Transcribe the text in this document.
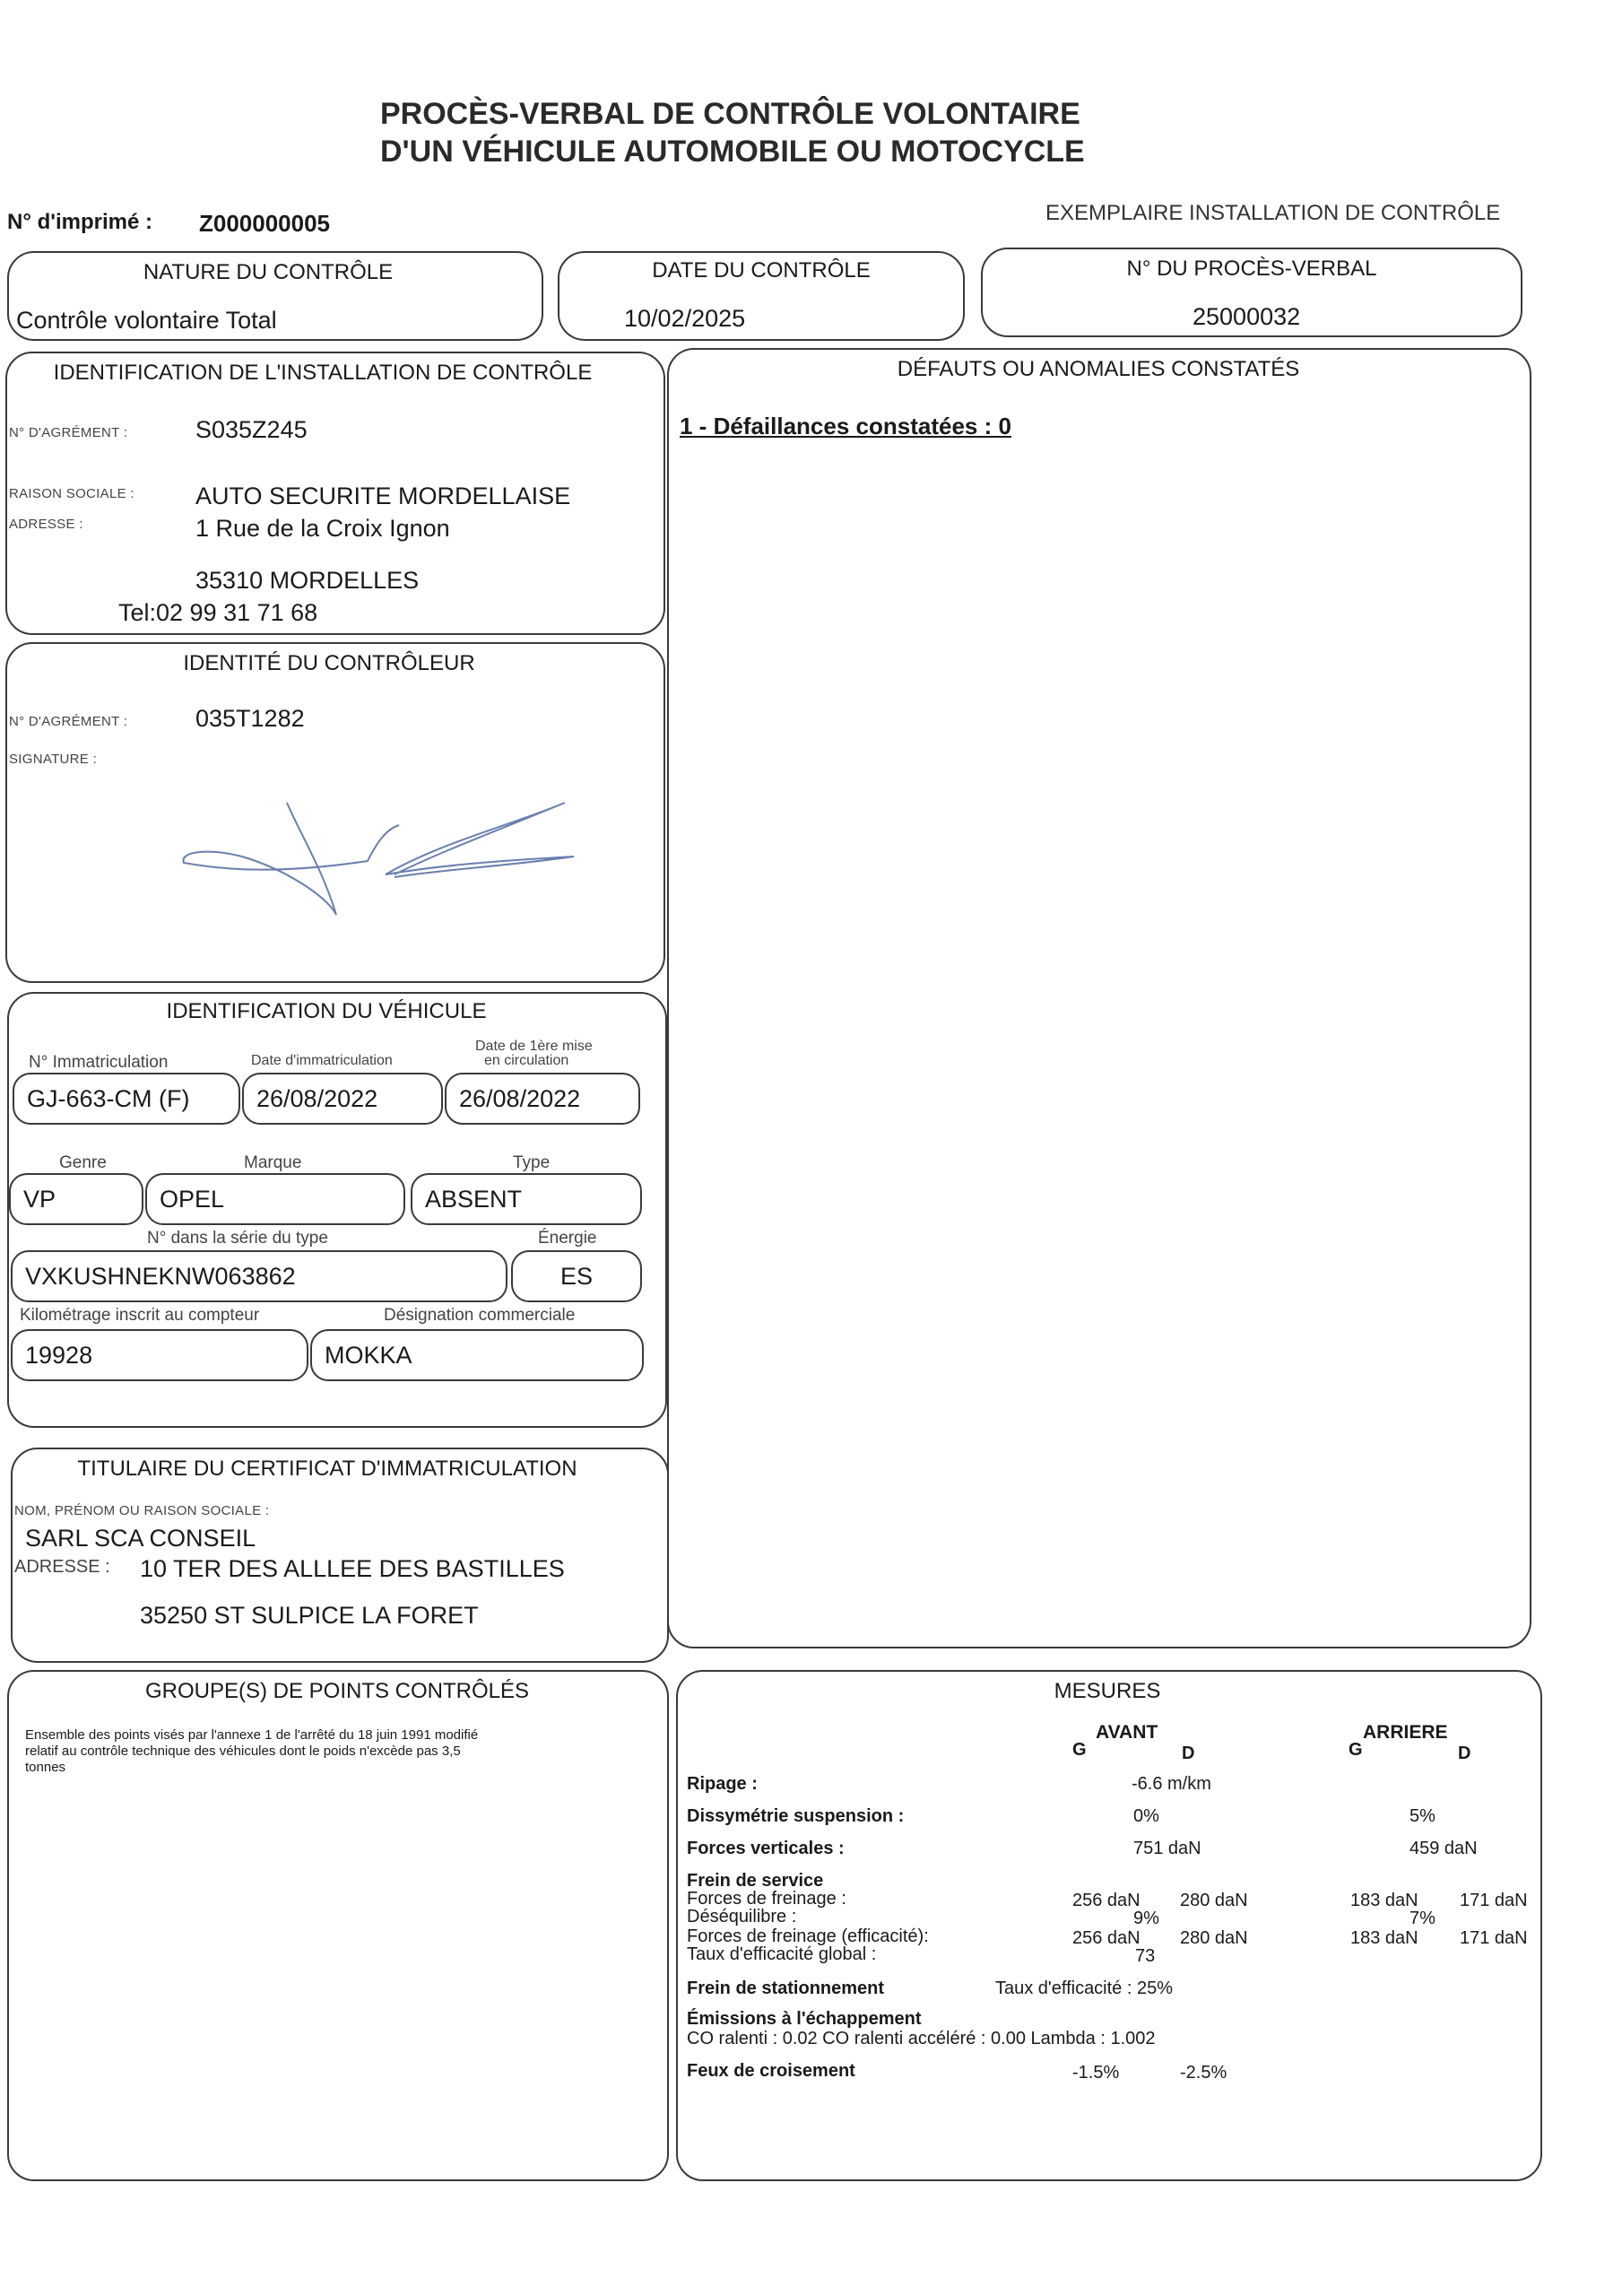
PROCÈS-VERBAL DE CONTRÔLE VOLONTAIRE
D'UN VÉHICULE AUTOMOBILE OU MOTOCYCLE
N° d'imprimé : Z000000005	EXEMPLAIRE INSTALLATION DE CONTRÔLE
NATURE DU CONTRÔLE
Contrôle volontaire Total
DATE DU CONTRÔLE
10/02/2025
N° DU PROCÈS-VERBAL
25000032
IDENTIFICATION DE L'INSTALLATION DE CONTRÔLE
N° D'AGRÉMENT :	S035Z245
RAISON SOCIALE :	AUTO SECURITE MORDELLAISE
ADRESSE :	1 Rue de la Croix Ignon
35310 MORDELLES
Tel:02 99 31 71 68
IDENTITÉ DU CONTRÔLEUR
N° D'AGRÉMENT :	035T1282
SIGNATURE :
DÉFAUTS OU ANOMALIES CONSTATÉS
1 - Défaillances constatées : 0
IDENTIFICATION DU VÉHICULE
N° Immatriculation	Date d'immatriculation
Date de 1ère mise
en circulation
GJ-663-CM (F)	26/08/2022	26/08/2022
Genre	Marque	Type
VP	OPEL	ABSENT
N° dans la série du type	Énergie
VXKUSHNEKNW063862	ES
Kilométrage inscrit au compteur	Désignation commerciale
19928	MOKKA
TITULAIRE DU CERTIFICAT D'IMMATRICULATION
NOM, PRÉNOM OU RAISON SOCIALE :
SARL SCA CONSEIL
ADRESSE : 10 TER DES ALLLEE DES BASTILLES
35250 ST SULPICE LA FORET
GROUPE(S) DE POINTS CONTRÔLÉS
Ensemble des points visés par l'annexe 1 de l'arrêté du 18 juin 1991 modifié
relatif au contrôle technique des véhicules dont le poids n'excède pas 3,5
tonnes
MESURES
AVANT
G	D
ARRIERE
G	D
Ripage :	-6.6 m/km
Dissymétrie suspension :	0%	5%
Forces verticales :	751 daN	459 daN
Frein de service
Forces de freinage :	256 daN 280 daN	183 daN 171 daN
Déséquilibre :	9%	7%
Forces de freinage (efficacité):	256 daN 280 daN	183 daN 171 daN
Taux d'efficacité global :	73
Frein de stationnement	Taux d'efficacité : 25%
Émissions à l'échappement
CO ralenti : 0.02 CO ralenti accéléré : 0.00 Lambda : 1.002
Feux de croisement	-1.5%	-2.5%
